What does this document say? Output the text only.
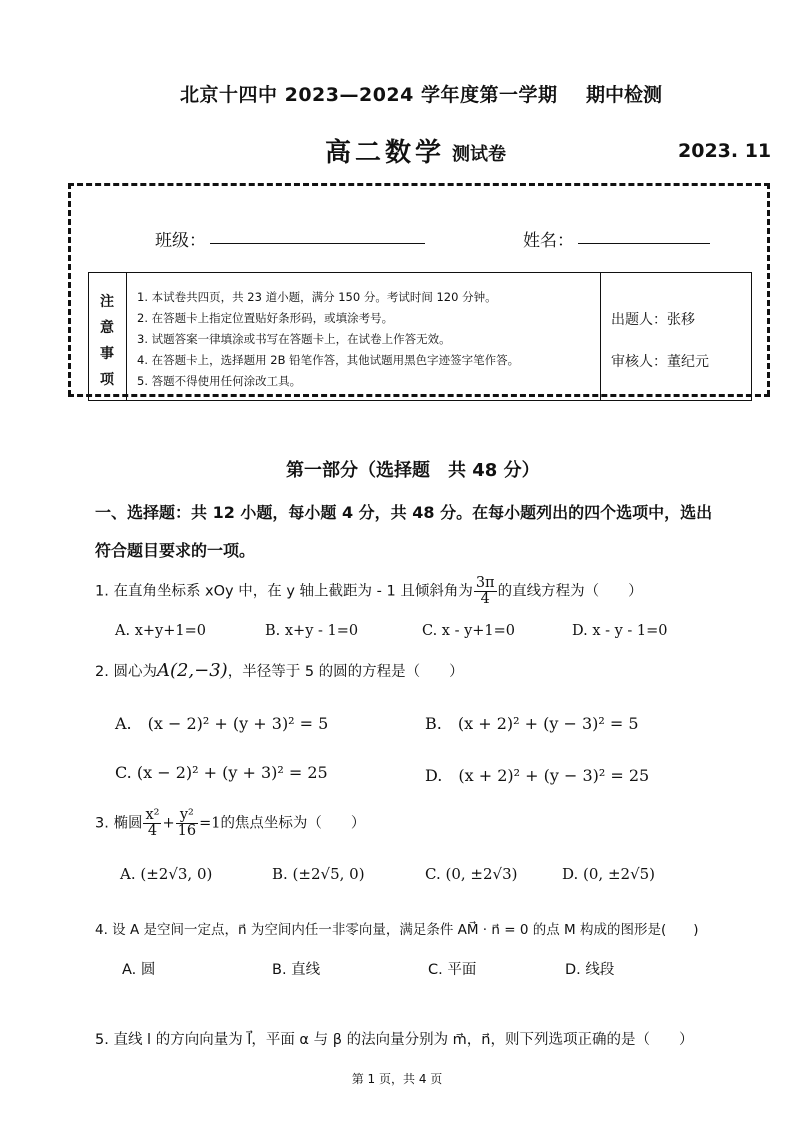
北京十四中 2023—2024 学年度第一学期 期中检测
高二数学 测试卷	2023. 11
班级：	姓名：
注
意
事
项
1. 本试卷共四页，共 23 道小题，满分 150 分。考试时间 120 分钟。
2. 在答题卡上指定位置贴好条形码，或填涂考号。
3. 试题答案一律填涂或书写在答题卡上，在试卷上作答无效。
4. 在答题卡上，选择题用 2B 铅笔作答，其他试题用黑色字迹签字笔作答。
5. 答题不得使用任何涂改工具。
出题人：张移
审核人：董纪元
第一部分（选择题　共 48 分）
一、选择题：共 12 小题，每小题 4 分，共 48 分。在每小题列出的四个选项中，选出
符合题目要求的一项。
1. 在直角坐标系 xOy 中，在 y 轴上截距为 - 1 且倾斜角为 $\frac{3\pi}{4}$ 的直线方程为（　　）
A. x+y+1=0	B. x+y - 1=0	C. x - y+1=0	D. x - y - 1=0
2. 圆心为A(2,−3)，半径等于 5 的圆的方程是（　　）
A.　(x − 2)² + (y + 3)² = 5	B.　(x + 2)² + (y − 3)² = 5
C. (x − 2)² + (y + 3)² = 25	D.　(x + 2)² + (y − 3)² = 25
3. 椭圆 $\frac{\text{x²}}{4} + \frac{\text{y²}}{16} =1$的焦点坐标为（　　）
A. (±2√3, 0)	B. (±2√5, 0)	C. (0, ±2√3)	D. (0, ±2√5)
4. 设 A 是空间一定点，n⃗ 为空间内任一非零向量，满足条件 AM⃗ · n⃗ = 0 的点 M 构成的图形是(　　)
A. 圆	B. 直线	C. 平面	D. 线段
5. 直线 l 的方向向量为 l⃗，平面 α 与 β 的法向量分别为 m⃗，n⃗，则下列选项正确的是（　　）
第 1 页，共 4 页
